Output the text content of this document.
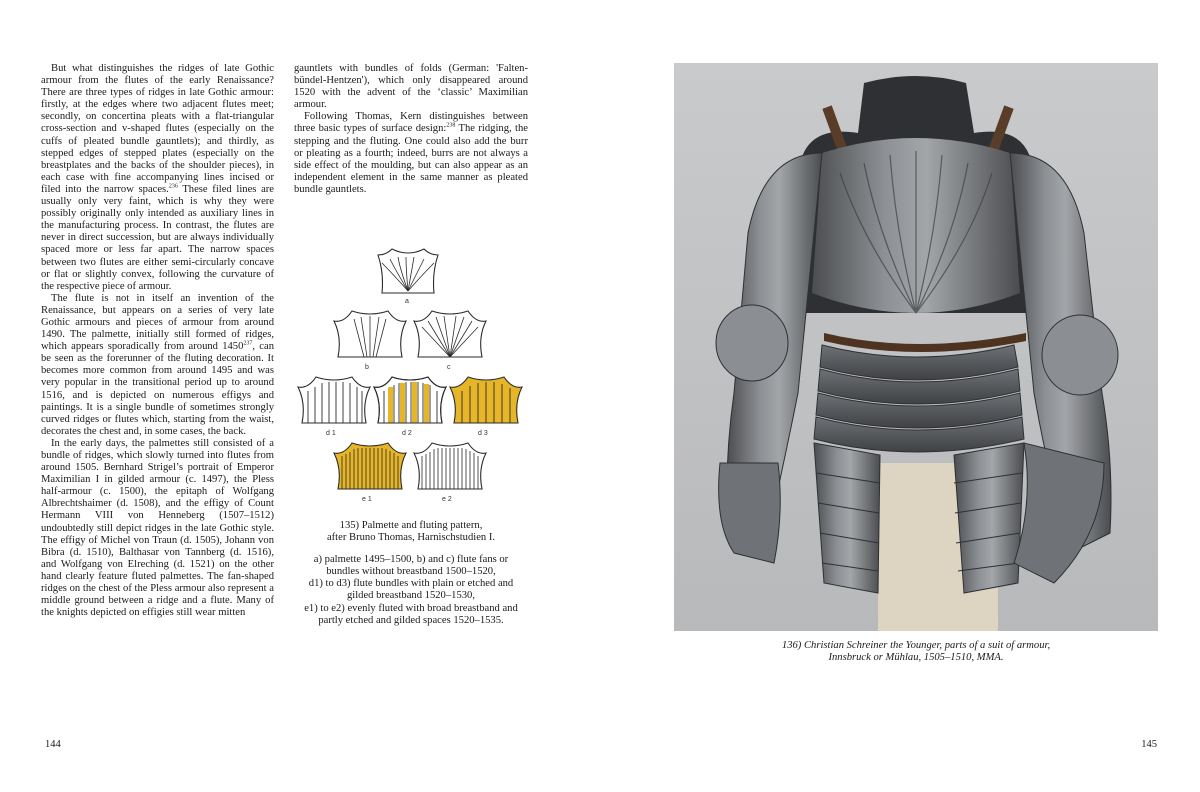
But what distinguishes the ridges of late Gothic armour from the flutes of the early Renaissance? There are three types of ridges in late Gothic armour: firstly, at the edges where two adjacent flutes meet; secondly, on concertina pleats with a flat-triangular cross-section and v-shaped flutes (especially on the cuffs of pleated bundle gauntlets); and thirdly, as stepped edges of stepped plates (especially on the breastplates and the backs of the shoulder pieces), in each case with fine accompanying lines incised or filed into the narrow spaces.$^{236}$ These filed lines are usually only very faint, which is why they were possibly originally only intended as auxiliary lines in the manufacturing process. In contrast, the flutes are never in direct succession, but are always individually spaced more or less far apart. The narrow spaces between two flutes are either semi-circularly concave or flat or slightly convex, following the curvature of the respective piece of armour.

The flute is not in itself an invention of the Renaissance, but appears on a series of very late Gothic armours and pieces of armour from around 1490. The palmette, initially still formed of ridges, which appears sporadically from around 1450$^{237}$, can be seen as the forerunner of the fluting decoration. It becomes more common from around 1495 and was very popular in the transitional period up to around 1516, and is depicted on numerous effigys and paintings. It is a single bundle of sometimes strongly curved ridges or flutes which, starting from the waist, decorates the chest and, in some cases, the back.

In the early days, the palmettes still consisted of a bundle of ridges, which slowly turned into flutes from around 1505. Bernhard Strigel’s portrait of Emperor Maximilian I in gilded armour (c. 1497), the Pless half-armour (c. 1500), the epitaph of Wolfgang Albrechtshaimer (d. 1508), and the effigy of Count Hermann VIII von Henneberg (1507–1512) undoubtedly still depict ridges in the late Gothic style. The effigy of Michel von Traun (d. 1505), Johann von Bibra (d. 1510), Balthasar von Tannberg (d. 1516), and Wolfgang von Elreching (d. 1521) on the other hand clearly feature fluted palmettes. The fan-shaped ridges on the chest of the Pless armour also represent a middle ground between a ridge and a flute. Many of the knights depicted on effigies still wear mitten

gauntlets with bundles of folds (German: 'Falten-bündel-Hentzen'), which only disappeared around 1520 with the advent of the ‘classic’ Maximilian armour.

Following Thomas, Kern distinguishes between three basic types of surface design:$^{238}$ The ridging, the stepping and the fluting. One could also add the burr or pleating as a fourth; indeed, burrs are not always a side effect of the moulding, but can also appear as an independent element in the same manner as pleated bundle gauntlets.

a
b	c
d 1	d 2	d 3
e 1	e 2
135) Palmette and fluting pattern,
after Bruno Thomas, Harnischstudien I.
a) palmette 1495–1500, b) and c) flute fans or
bundles without breastband 1500–1520,
d1) to d3) flute bundles with plain or etched and
gilded breastband 1520–1530,
e1) to e2) evenly fluted with broad breastband and
partly etched and gilded spaces 1520–1535.
144
136) Christian Schreiner the Younger, parts of a suit of armour,
Innsbruck or Mühlau, 1505–1510, MMA.
145
